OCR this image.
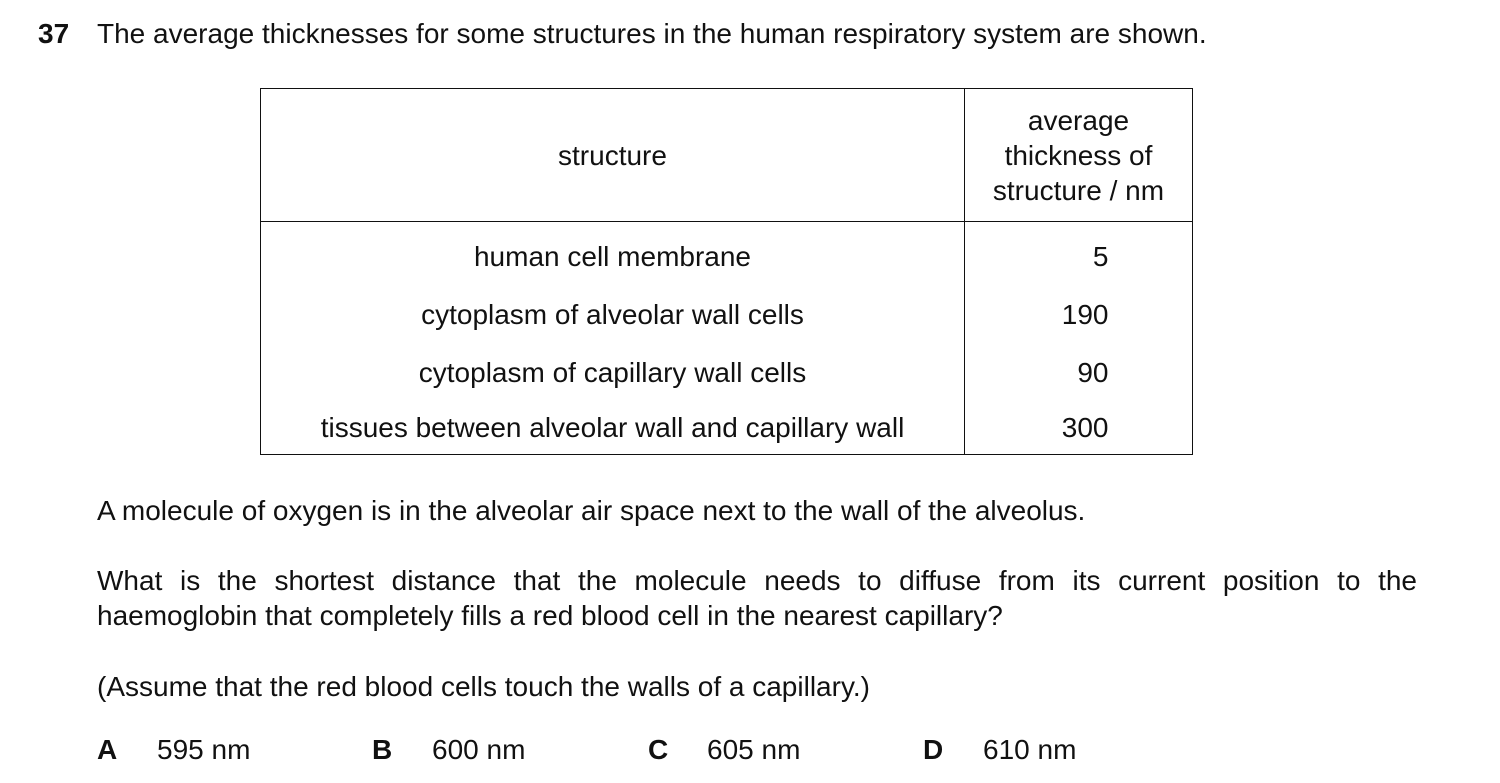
37 The average thicknesses for some structures in the human respiratory system are shown.
structure	average
thickness of
structure / nm

human cell membrane	5
cytoplasm of alveolar wall cells	190
cytoplasm of capillary wall cells	90
tissues between alveolar wall and capillary wall	300
A molecule of oxygen is in the alveolar air space next to the wall of the alveolus.
What is the shortest distance that the molecule needs to diffuse from its current position to the haemoglobin that completely fills a red blood cell in the nearest capillary?
(Assume that the red blood cells touch the walls of a capillary.)
A 595 nm	B 600 nm	C 605 nm	D 610 nm
